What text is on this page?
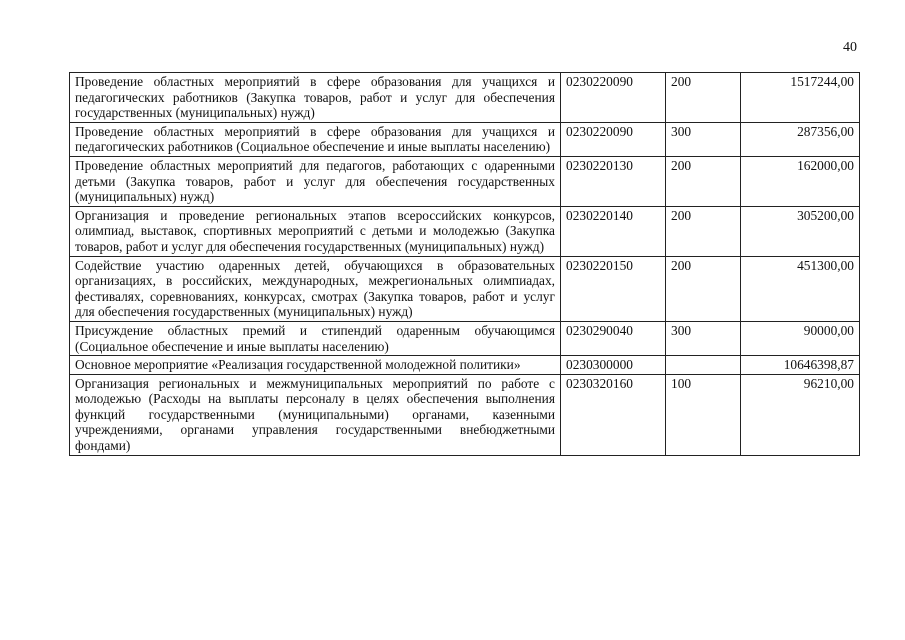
40
Проведение областных мероприятий в сфере образования для учащихся и педагогических работников (Закупка товаров, работ и услуг для обеспечения государственных (муниципальных) нужд)	0230220090	200	1517244,00
Проведение областных мероприятий в сфере образования для учащихся и педагогических работников (Социальное обеспечение и иные выплаты населению)	0230220090	300	287356,00
Проведение областных мероприятий для педагогов, работающих с одаренными детьми (Закупка товаров, работ и услуг для обеспечения государственных (муниципальных) нужд)	0230220130	200	162000,00
Организация и проведение региональных этапов всероссийских конкурсов, олимпиад, выставок, спортивных мероприятий с детьми и молодежью (Закупка товаров, работ и услуг для обеспечения государственных (муниципальных) нужд)	0230220140	200	305200,00
Содействие участию одаренных детей, обучающихся в образовательных организациях, в российских, международных, межрегиональных олимпиадах, фестивалях, соревнованиях, конкурсах, смотрах (Закупка товаров, работ и услуг для обеспечения государственных (муниципальных) нужд)	0230220150	200	451300,00
Присуждение областных премий и стипендий одаренным обучающимся (Социальное обеспечение и иные выплаты населению)	0230290040	300	90000,00
Основное мероприятие «Реализация государственной молодежной политики»	0230300000		10646398,87
Организация региональных и межмуниципальных мероприятий по работе с молодежью (Расходы на выплаты персоналу в целях обеспечения выполнения функций государственными (муниципальными) органами, казенными учреждениями, органами управления государственными внебюджетными фондами)	0230320160	100	96210,00
